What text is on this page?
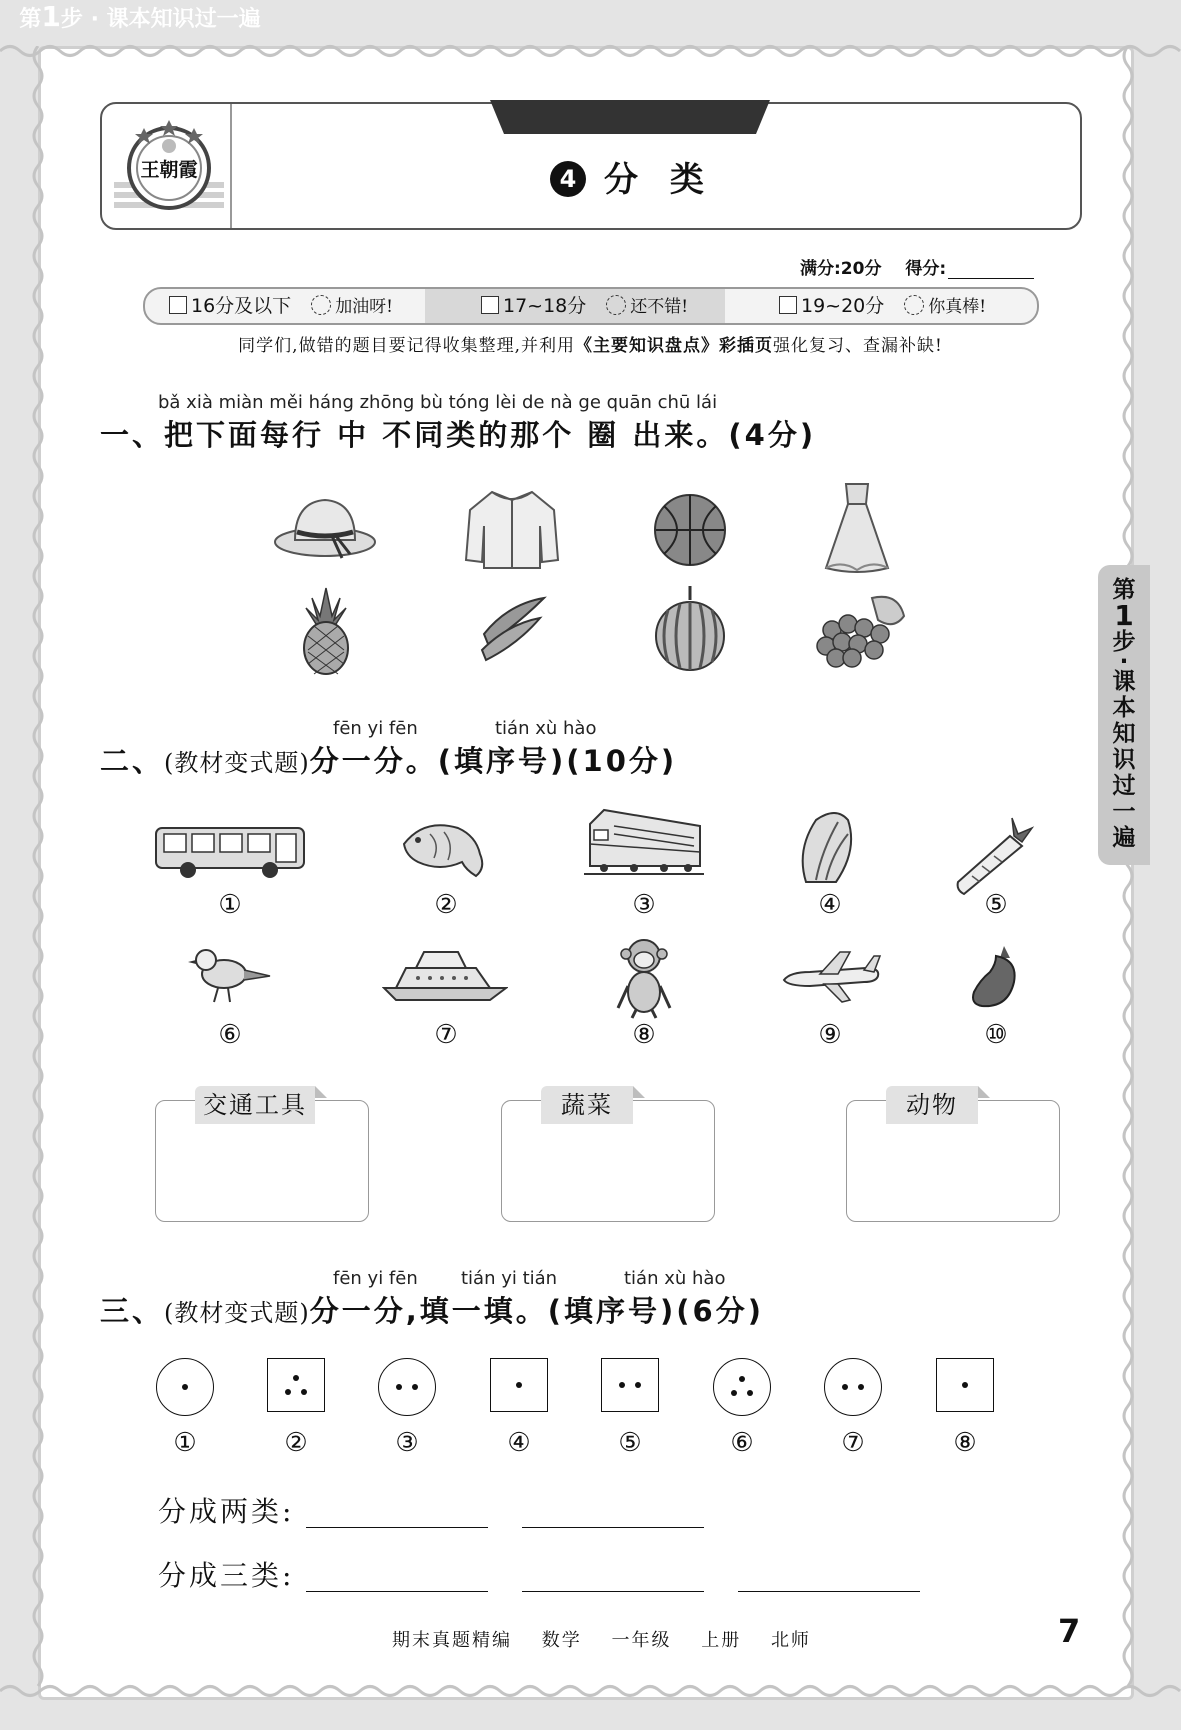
王朝霞
第1步 · 课本知识过一遍
4 分 类
满分:20分 得分:
16分及以下	加油呀!	17~18分	还不错!	19~20分	你真棒!
同学们,做错的题目要记得收集整理,并利用《主要知识盘点》彩插页强化复习、查漏补缺!
bǎ xià miàn měi háng zhōng bù tóng lèi de nà ge quān chū lái
一、把下面每行 中 不同类的那个 圈 出来。(4分)
fēn yi fēn	tián xù hào
二、(教材变式题)分一分。(填序号)(10分)
①	②	③	④	⑤
⑥	⑦	⑧	⑨	⑩
交通工具	蔬菜	动物
fēn yi fēn tián yi tián	tián xù hào
三、(教材变式题)分一分,填一填。(填序号)(6分)
①	②	③	④	⑤	⑥	⑦	⑧
分成两类:
分成三类:
第
1
步
·
课
本
知
识
过
一
遍
期末真题精编 数学 一年级 上册 北师	7
